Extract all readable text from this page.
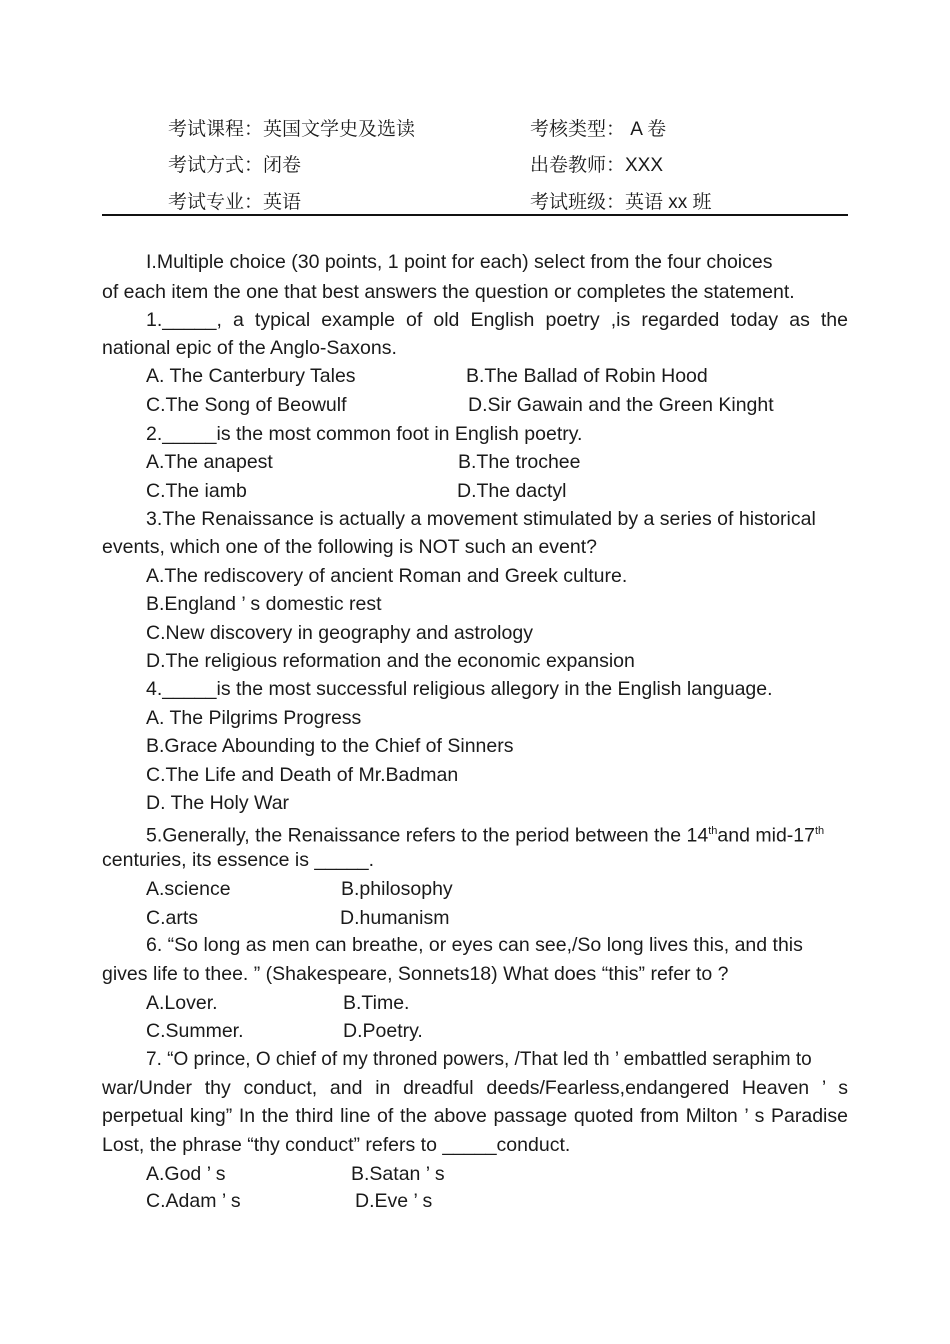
考试课程：英国文学史及选读	考核类型： A 卷
考试方式：闭卷	出卷教师：XXX
考试专业：英语	考试班级：英语 xx 班
I.Multiple choice (30 points, 1 point for each) select from the four choices
of each item the one that best answers the question or completes the statement.
1._____, a typical example of old English poetry ,is regarded today as the
national epic of the Anglo-Saxons.
A. The Canterbury Tales	B.The Ballad of Robin Hood
C.The Song of Beowulf	D.Sir Gawain and the Green Kinght
2._____is the most common foot in English poetry.
A.The anapest	B.The trochee
C.The iamb	D.The dactyl
3.The Renaissance is actually a movement stimulated by a series of historical
events, which one of the following is NOT such an event?
A.The rediscovery of ancient Roman and Greek culture.
B.England ’ s domestic rest
C.New discovery in geography and astrology
D.The religious reformation and the economic expansion
4._____is the most successful religious allegory in the English language.
A. The Pilgrims Progress
B.Grace Abounding to the Chief of Sinners
C.The Life and Death of Mr.Badman
D. The Holy War
5.Generally, the Renaissance refers to the period between the 14thand mid-17th
centuries, its essence is _____.
A.science	B.philosophy
C.arts	D.humanism
6. “So long as men can breathe, or eyes can see,/So long lives this, and this
gives life to thee. ” (Shakespeare, Sonnets18) What does “this” refer to ?
A.Lover.	B.Time.
C.Summer.	D.Poetry.
7. “O prince, O chief of my throned powers, /That led th ’ embattled seraphim to
war/Under thy conduct, and in dreadful deeds/Fearless,endangered Heaven ’ s
perpetual king” In the third line of the above passage quoted from Milton ’ s Paradise
Lost, the phrase “thy conduct” refers to _____conduct.
A.God ’ s	B.Satan ’ s
C.Adam ’ s	D.Eve ’ s
